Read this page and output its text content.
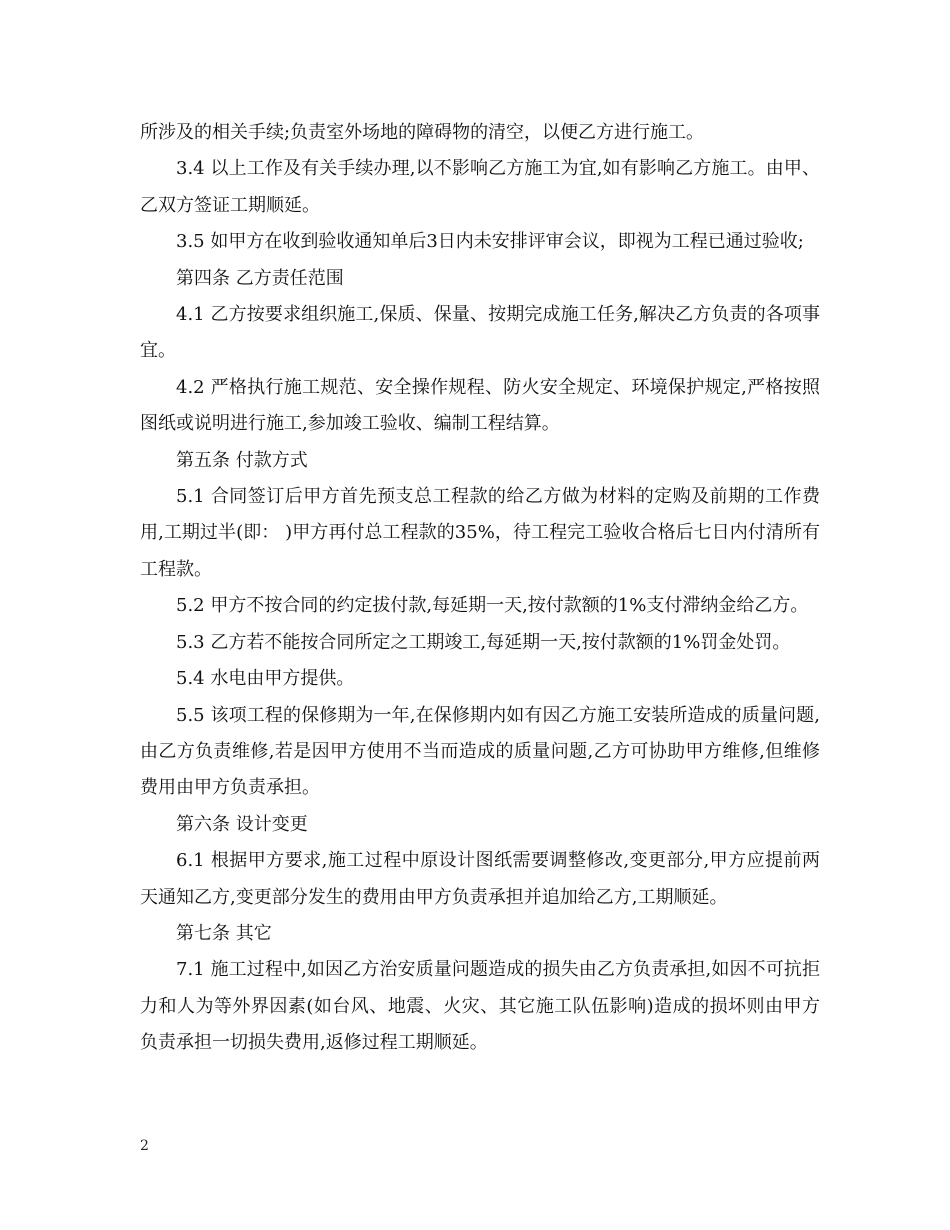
所涉及的相关手续;负责室外场地的障碍物的清空，以便乙方进行施工。

3.4 以上工作及有关手续办理,以不影响乙方施工为宜,如有影响乙方施工。由甲、乙双方签证工期顺延。

3.5 如甲方在收到验收通知单后3日内未安排评审会议，即视为工程已通过验收;

第四条 乙方责任范围

4.1 乙方按要求组织施工,保质、保量、按期完成施工任务,解决乙方负责的各项事宜。

4.2 严格执行施工规范、安全操作规程、防火安全规定、环境保护规定,严格按照图纸或说明进行施工,参加竣工验收、编制工程结算。

第五条 付款方式

5.1 合同签订后甲方首先预支总工程款的给乙方做为材料的定购及前期的工作费用,工期过半(即： )甲方再付总工程款的35%，待工程完工验收合格后七日内付清所有工程款。

5.2 甲方不按合同的约定拔付款,每延期一天,按付款额的1%支付滞纳金给乙方。

5.3 乙方若不能按合同所定之工期竣工,每延期一天,按付款额的1%罚金处罚。

5.4 水电由甲方提供。

5.5 该项工程的保修期为一年,在保修期内如有因乙方施工安装所造成的质量问题,由乙方负责维修,若是因甲方使用不当而造成的质量问题,乙方可协助甲方维修,但维修费用由甲方负责承担。

第六条 设计变更

6.1 根据甲方要求,施工过程中原设计图纸需要调整修改,变更部分,甲方应提前两天通知乙方,变更部分发生的费用由甲方负责承担并追加给乙方,工期顺延。

第七条 其它

7.1 施工过程中,如因乙方治安质量问题造成的损失由乙方负责承担,如因不可抗拒力和人为等外界因素(如台风、地震、火灾、其它施工队伍影响)造成的损坏则由甲方负责承担一切损失费用,返修过程工期顺延。

2
